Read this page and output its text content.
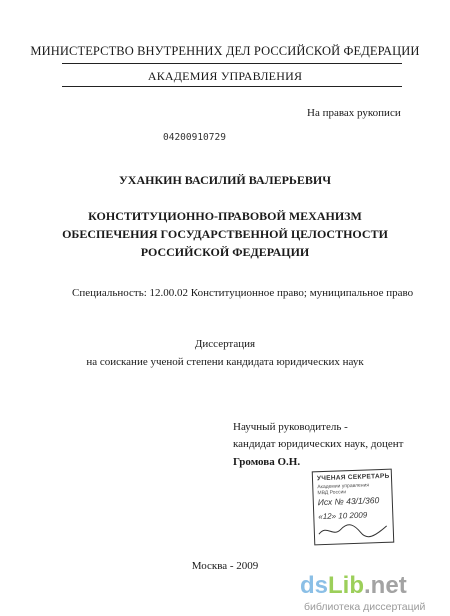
МИНИСТЕРСТВО ВНУТРЕННИХ ДЕЛ РОССИЙСКОЙ ФЕДЕРАЦИИ
АКАДЕМИЯ УПРАВЛЕНИЯ
На правах рукописи
04200910729
УХАНКИН ВАСИЛИЙ ВАЛЕРЬЕВИЧ
КОНСТИТУЦИОННО-ПРАВОВОЙ МЕХАНИЗМ
ОБЕСПЕЧЕНИЯ ГОСУДАРСТВЕННОЙ ЦЕЛОСТНОСТИ
РОССИЙСКОЙ ФЕДЕРАЦИИ
Специальность: 12.00.02 Конституционное право; муниципальное право
Диссертация
на соискание ученой степени кандидата юридических наук
Научный руководитель -
кандидат юридических наук, доцент
Громова О.Н.
УЧЕНАЯ СЕКРЕТАРЬ
Академии управления
МВД России
Исх № 43/1/360
«12» 10 2009
Москва - 2009
dsLib.net
библиотека диссертаций
